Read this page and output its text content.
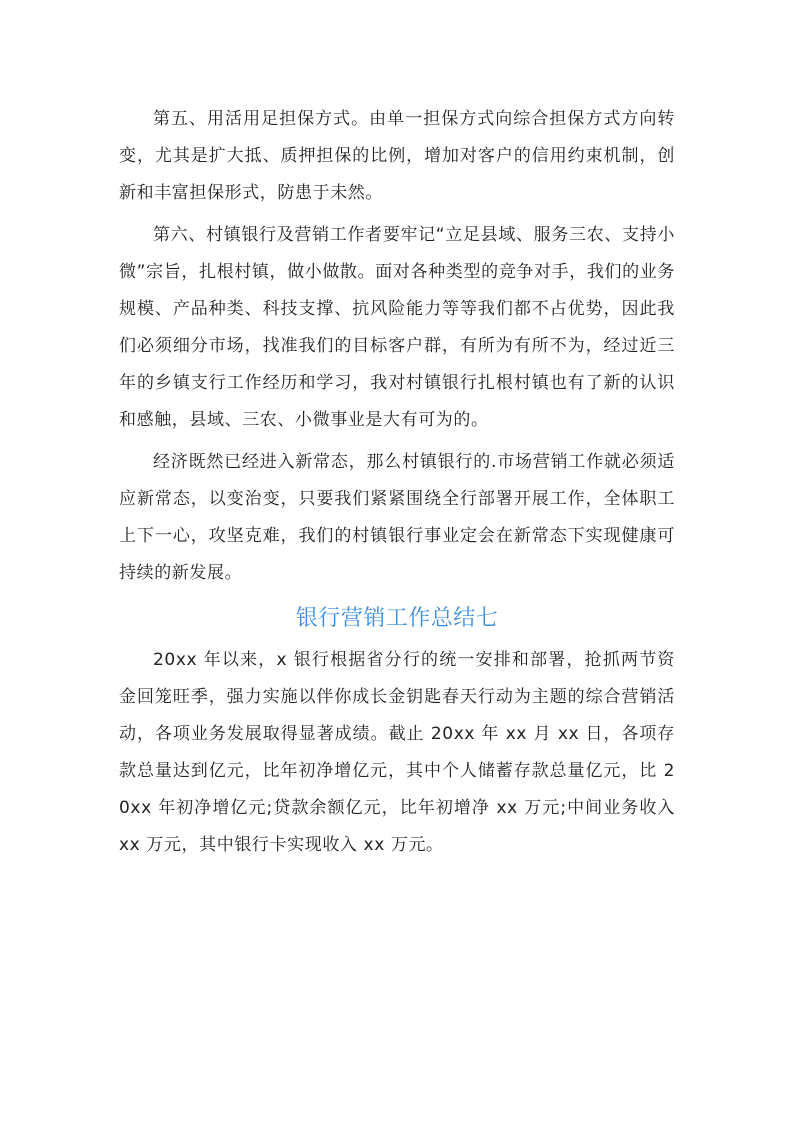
第五、用活用足担保方式。由单一担保方式向综合担保方式方向转变，尤其是扩大抵、质押担保的比例，增加对客户的信用约束机制，创新和丰富担保形式，防患于未然。

第六、村镇银行及营销工作者要牢记“立足县域、服务三农、支持小微”宗旨，扎根村镇，做小做散。面对各种类型的竞争对手，我们的业务规模、产品种类、科技支撑、抗风险能力等等我们都不占优势，因此我们必须细分市场，找准我们的目标客户群，有所为有所不为，经过近三年的乡镇支行工作经历和学习，我对村镇银行扎根村镇也有了新的认识和感触，县域、三农、小微事业是大有可为的。

经济既然已经进入新常态，那么村镇银行的.市场营销工作就必须适应新常态，以变治变，只要我们紧紧围绕全行部署开展工作，全体职工上下一心，攻坚克难，我们的村镇银行事业定会在新常态下实现健康可持续的新发展。

银行营销工作总结七

20xx 年以来，x 银行根据省分行的统一安排和部署，抢抓两节资金回笼旺季，强力实施以伴你成长金钥匙春天行动为主题的综合营销活动，各项业务发展取得显著成绩。截止 20xx 年 xx 月 xx 日，各项存款总量达到亿元，比年初净增亿元，其中个人储蓄存款总量亿元，比 20xx 年初净增亿元;贷款余额亿元，比年初增净 xx 万元;中间业务收入 xx 万元，其中银行卡实现收入 xx 万元。
